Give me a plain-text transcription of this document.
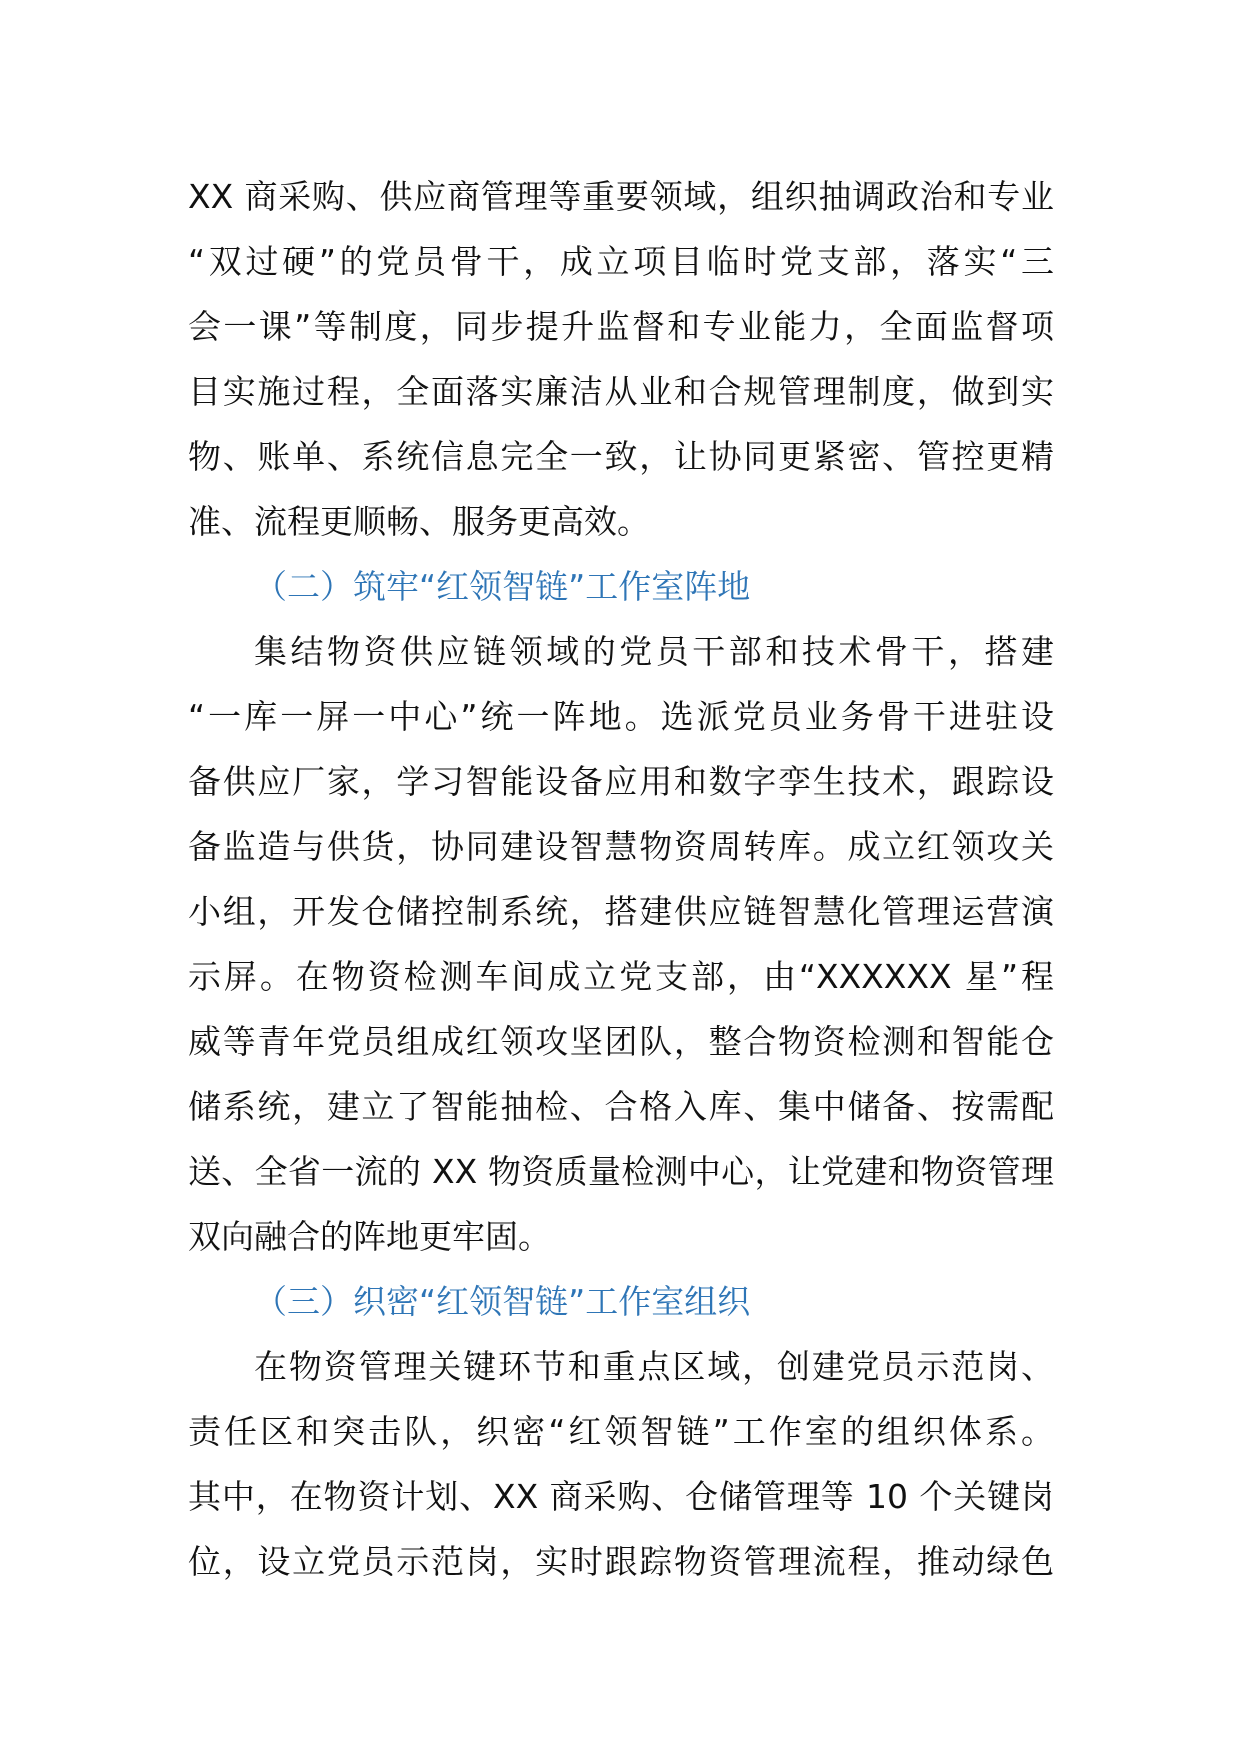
XX 商采购、供应商管理等重要领域，组织抽调政治和专业
“双过硬”的党员骨干，成立项目临时党支部，落实“三
会一课”等制度，同步提升监督和专业能力，全面监督项
目实施过程，全面落实廉洁从业和合规管理制度，做到实
物、账单、系统信息完全一致，让协同更紧密、管控更精
准、流程更顺畅、服务更高效。
（二）筑牢“红领智链”工作室阵地
集结物资供应链领域的党员干部和技术骨干，搭建
“一库一屏一中心”统一阵地。选派党员业务骨干进驻设
备供应厂家，学习智能设备应用和数字孪生技术，跟踪设
备监造与供货，协同建设智慧物资周转库。成立红领攻关
小组，开发仓储控制系统，搭建供应链智慧化管理运营演
示屏。在物资检测车间成立党支部，由“XXXXXX 星”程
威等青年党员组成红领攻坚团队，整合物资检测和智能仓
储系统，建立了智能抽检、合格入库、集中储备、按需配
送、全省一流的 XX 物资质量检测中心，让党建和物资管理
双向融合的阵地更牢固。
（三）织密“红领智链”工作室组织
在物资管理关键环节和重点区域，创建党员示范岗、
责任区和突击队，织密“红领智链”工作室的组织体系。
其中，在物资计划、XX 商采购、仓储管理等 10 个关键岗
位，设立党员示范岗，实时跟踪物资管理流程，推动绿色
